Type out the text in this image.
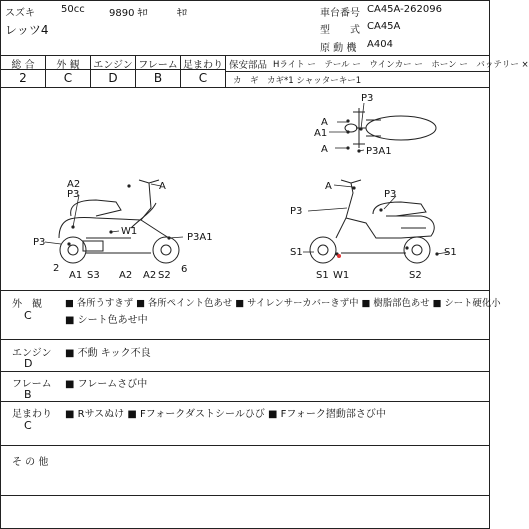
スズキ	50cc 9890 ｷﾛ	ｷﾛ
レッツ4
車台番号 CA45A-262096
型　　式 CA45A
原 動 機 A404
総 合	外 観	エンジン フレーム 足まわり
2	C	D	B	C
保安部品 Hライト ー　テール ー　ウインカー ー　ホーン ー　バッテリー ×
カ　ギ　カギ*1 シャッターキー1
A2
P3
A
W1
P3A1
P3
2
A1 S3 A2 A2 S2
6
P3
A
A1
A	P3A1
A
P3
P3
S1	S1
S1 W1	S2
外　観
C
■ 各所うすきず ■ 各所ペイント色あせ ■ サイレンサーカバーきず中 ■ 樹脂部色あせ ■ シート硬化小
■ シート色あせ中
エンジン
D
■ 不動 キック不良
フレーム
B
■ フレームさび中
足まわり
C
■ Rサスぬけ ■ Fフォークダストシールひび ■ Fフォーク摺動部さび中
そ の 他
